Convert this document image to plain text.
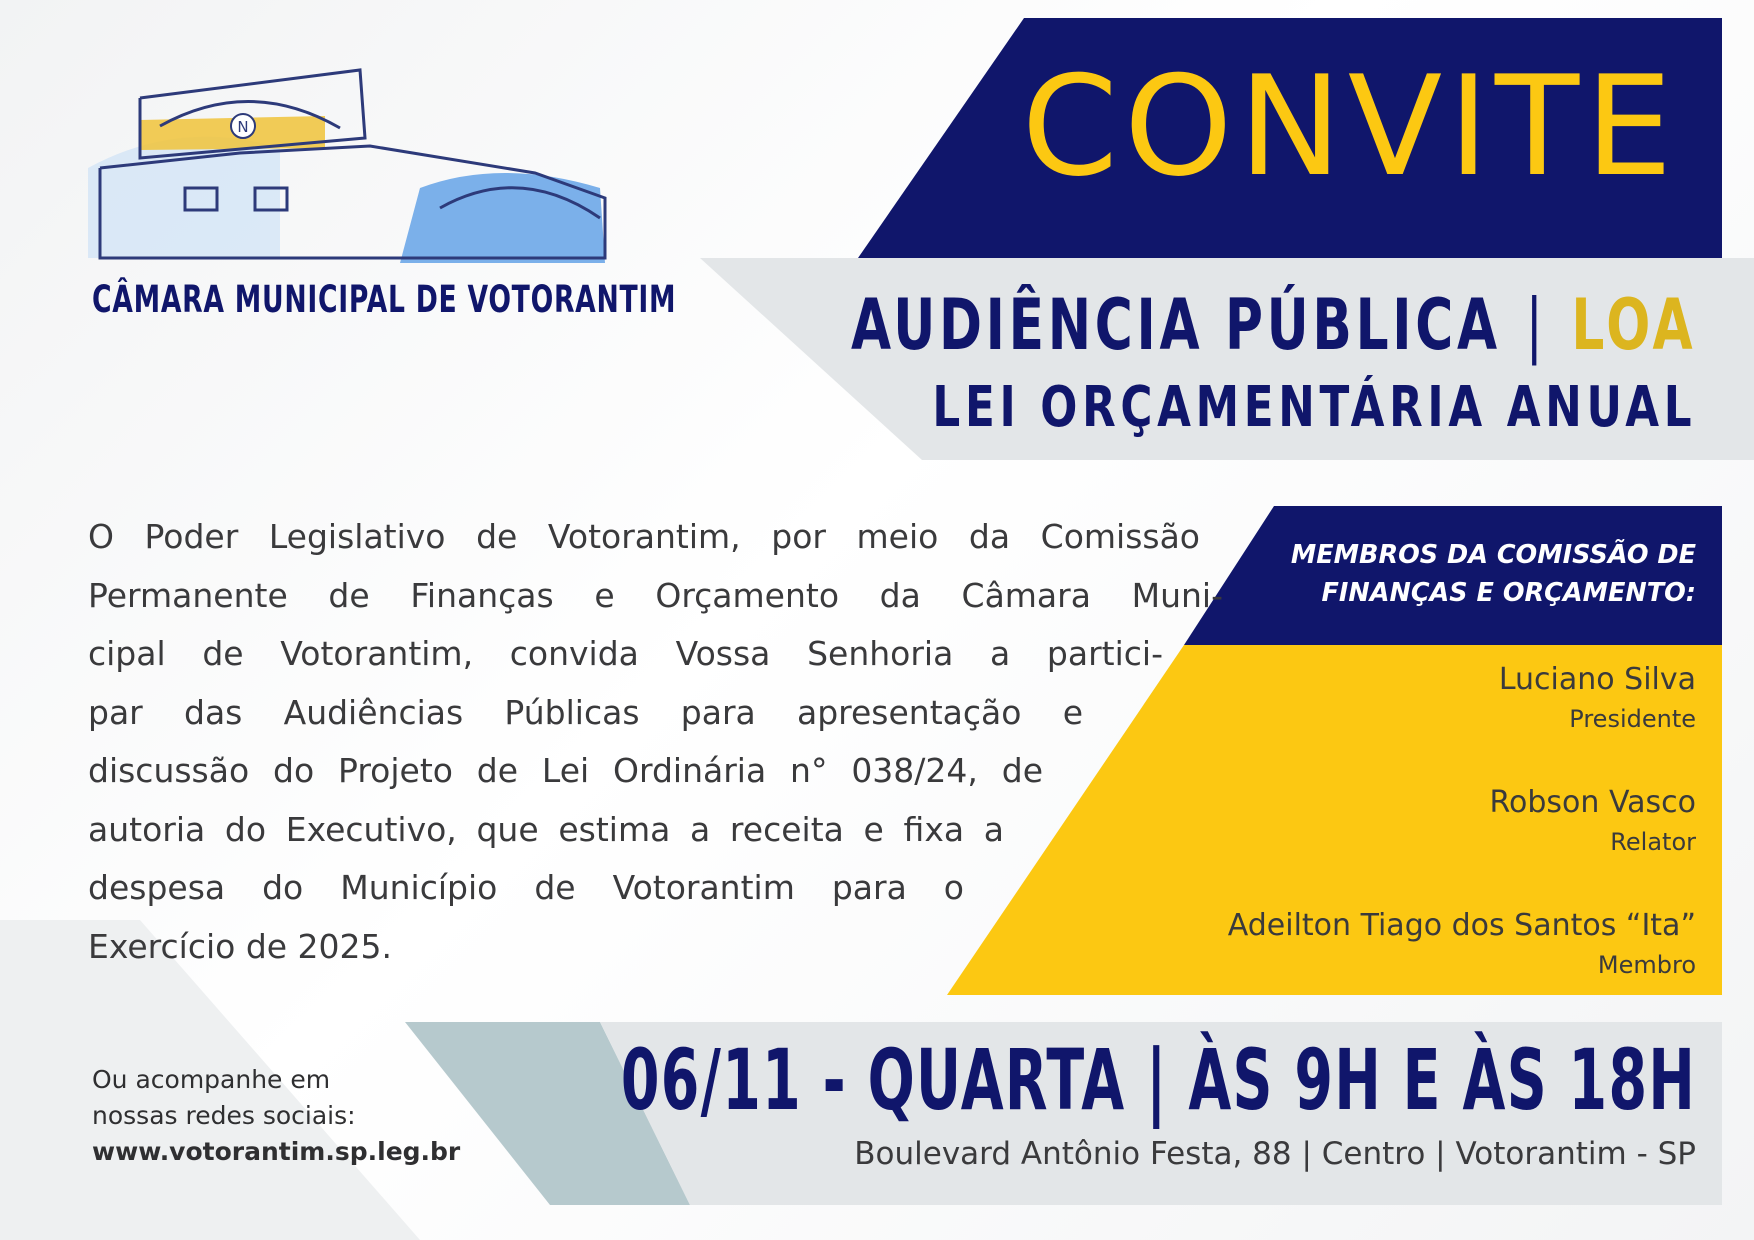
N
CÂMARA MUNICIPAL DE VOTORANTIM
CONVITE
AUDIÊNCIA PÚBLICA | LOA
LEI ORÇAMENTÁRIA ANUAL
O Poder Legislativo de Votorantim, por meio da Comissão
Permanente de Finanças e Orçamento da Câmara Muni-
cipal de Votorantim, convida Vossa Senhoria a partici-
par das Audiências Públicas para apresentação e
discussão do Projeto de Lei Ordinária n° 038/24, de
autoria do Executivo, que estima a receita e fixa a
despesa do Município de Votorantim para o
Exercício de 2025.
MEMBROS DA COMISSÃO DE
FINANÇAS E ORÇAMENTO:
Luciano Silva
Presidente
Robson Vasco
Relator
Adeilton Tiago dos Santos “Ita”
Membro
06/11 - QUARTA | ÀS 9H E ÀS 18H
Boulevard Antônio Festa, 88 | Centro | Votorantim - SP
Ou acompanhe em
nossas redes sociais:
www.votorantim.sp.leg.br
